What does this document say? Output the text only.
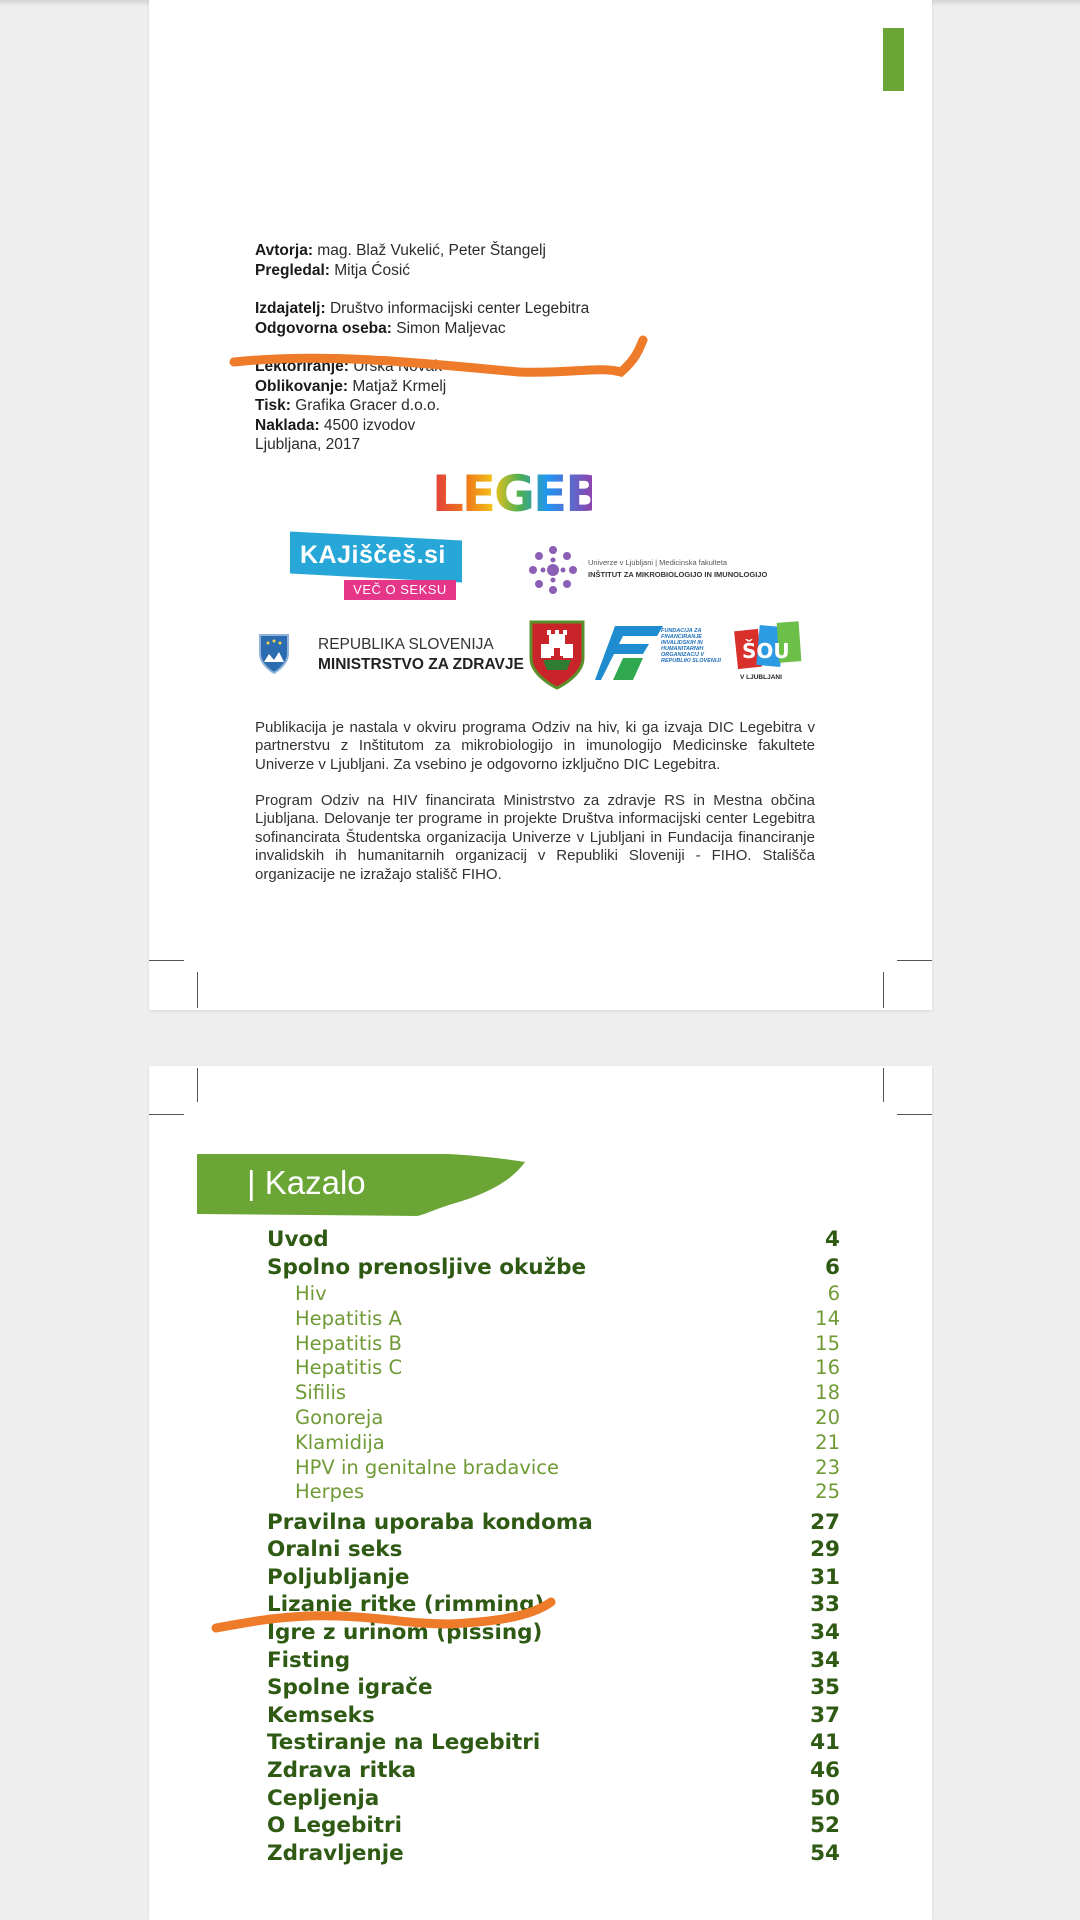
Avtorja: mag. Blaž Vukelić, Peter Štangelj
Pregledal: Mitja Ćosić
Izdajatelj: Društvo informacijski center Legebitra
Odgovorna oseba: Simon Maljevac
Lektoriranje: Urška Novak
Oblikovanje: Matjaž Krmelj
Tisk: Grafika Gracer d.o.o.
Naklada: 4500 izvodov
Ljubljana, 2017
LEGEBITRA
KAJiščeš.si
VEČ O SEKSU
Univerze v Ljubljani | Medicinska fakulteta
INŠTITUT ZA MIKROBIOLOGIJO IN IMUNOLOGIJO
REPUBLIKA SLOVENIJA
MINISTRSTVO ZA ZDRAVJE
FUNDACIJA ZA FINANCIRANJE INVALIDSKIH IN HUMANITARNIH ORGANIZACIJ V REPUBLIKI SLOVENIJI	ŠOU
V LJUBLJANI
Publikacija je nastala v okviru programa Odziv na hiv, ki ga izvaja DIC Legebitra v partnerstvu z Inštitutom za mikrobiologijo in imunologijo Medicinske fakultete Univerze v Ljubljani. Za vsebino je odgovorno izključno DIC Legebitra.
Program Odziv na HIV financirata Ministrstvo za zdravje RS in Mestna občina Ljubljana. Delovanje ter programe in projekte Društva informacijski center Legebitra sofinancirata Študentska organizacija Univerze v Ljubljani in Fundacija financiranje invalidskih ih humanitarnih organizacij v Republiki Sloveniji - FIHO. Stališča organizacije ne izražajo stališč FIHO.
| Kazalo
Uvod	4
Spolno prenosljive okužbe	6
Hiv	6
Hepatitis A	14
Hepatitis B	15
Hepatitis C	16
Sifilis	18
Gonoreja	20
Klamidija	21
HPV in genitalne bradavice	23
Herpes	25
Pravilna uporaba kondoma	27
Oralni seks	29
Poljubljanje	31
Lizanje ritke (rimming)	33
Igre z urinom (pissing)	34
Fisting	34
Spolne igrače	35
Kemseks	37
Testiranje na Legebitri	41
Zdrava ritka	46
Cepljenja	50
O Legebitri	52
Zdravljenje	54
